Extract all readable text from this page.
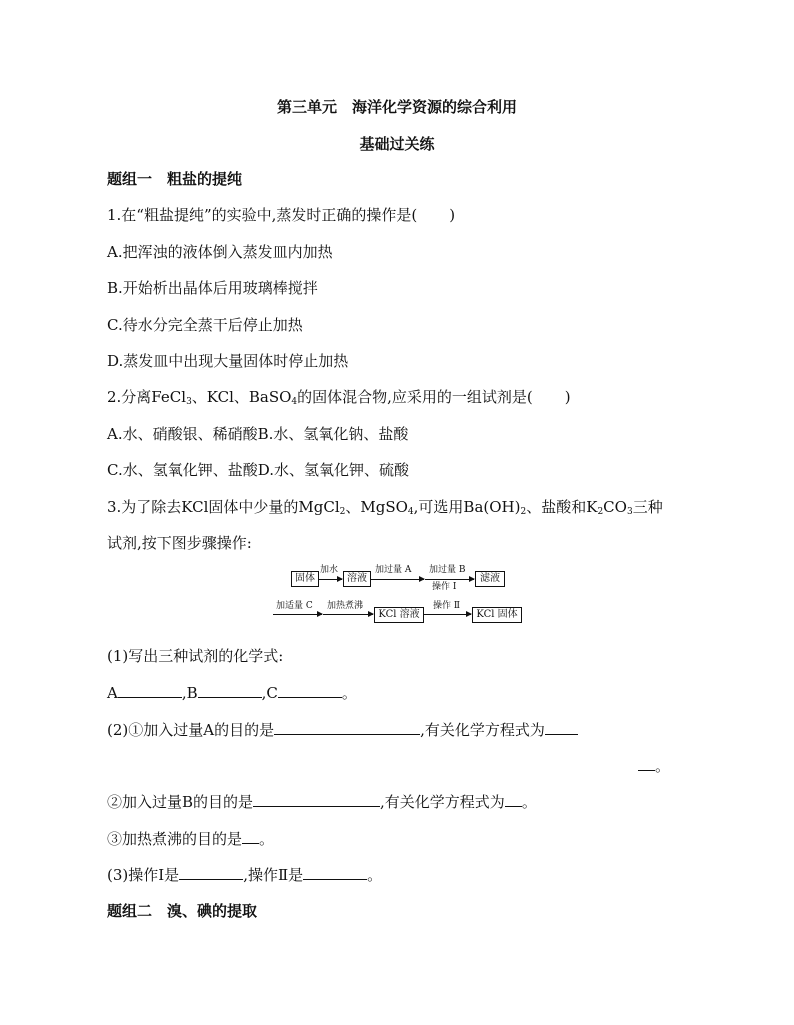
第三单元　海洋化学资源的综合利用
基础过关练
题组一　粗盐的提纯
1.在“粗盐提纯”的实验中,蒸发时正确的操作是( )
A.把浑浊的液体倒入蒸发皿内加热
B.开始析出晶体后用玻璃棒搅拌
C.待水分完全蒸干后停止加热
D.蒸发皿中出现大量固体时停止加热
2.分离FeCl$_3$、KCl、BaSO$_4$的固体混合物,应采用的一组试剂是( )
A.水、硝酸银、稀硝酸B.水、氢氧化钠、盐酸
C.水、氢氧化钾、盐酸D.水、氢氧化钾、硫酸
3.为了除去KCl固体中少量的MgCl$_2$、MgSO$_4$,可选用$Ba(OH)_2$、盐酸和$K_2CO_3$三种
试剂,按下图步骤操作:
固体
加水
溶液
加过量 A 加过量 B
操作 Ⅰ
滤液
加适量 C 加热煮沸
KCl 溶液
操作 Ⅱ
KCl 固体
(1)写出三种试剂的化学式:
A	,B	,C	。
(2)①加入过量A的目的是	,有关化学方程式为
。
②加入过量B的目的是	,有关化学方程式为 。
③加热煮沸的目的是 。
(3)操作Ⅰ是	,操作Ⅱ是	。
题组二　溴、碘的提取
